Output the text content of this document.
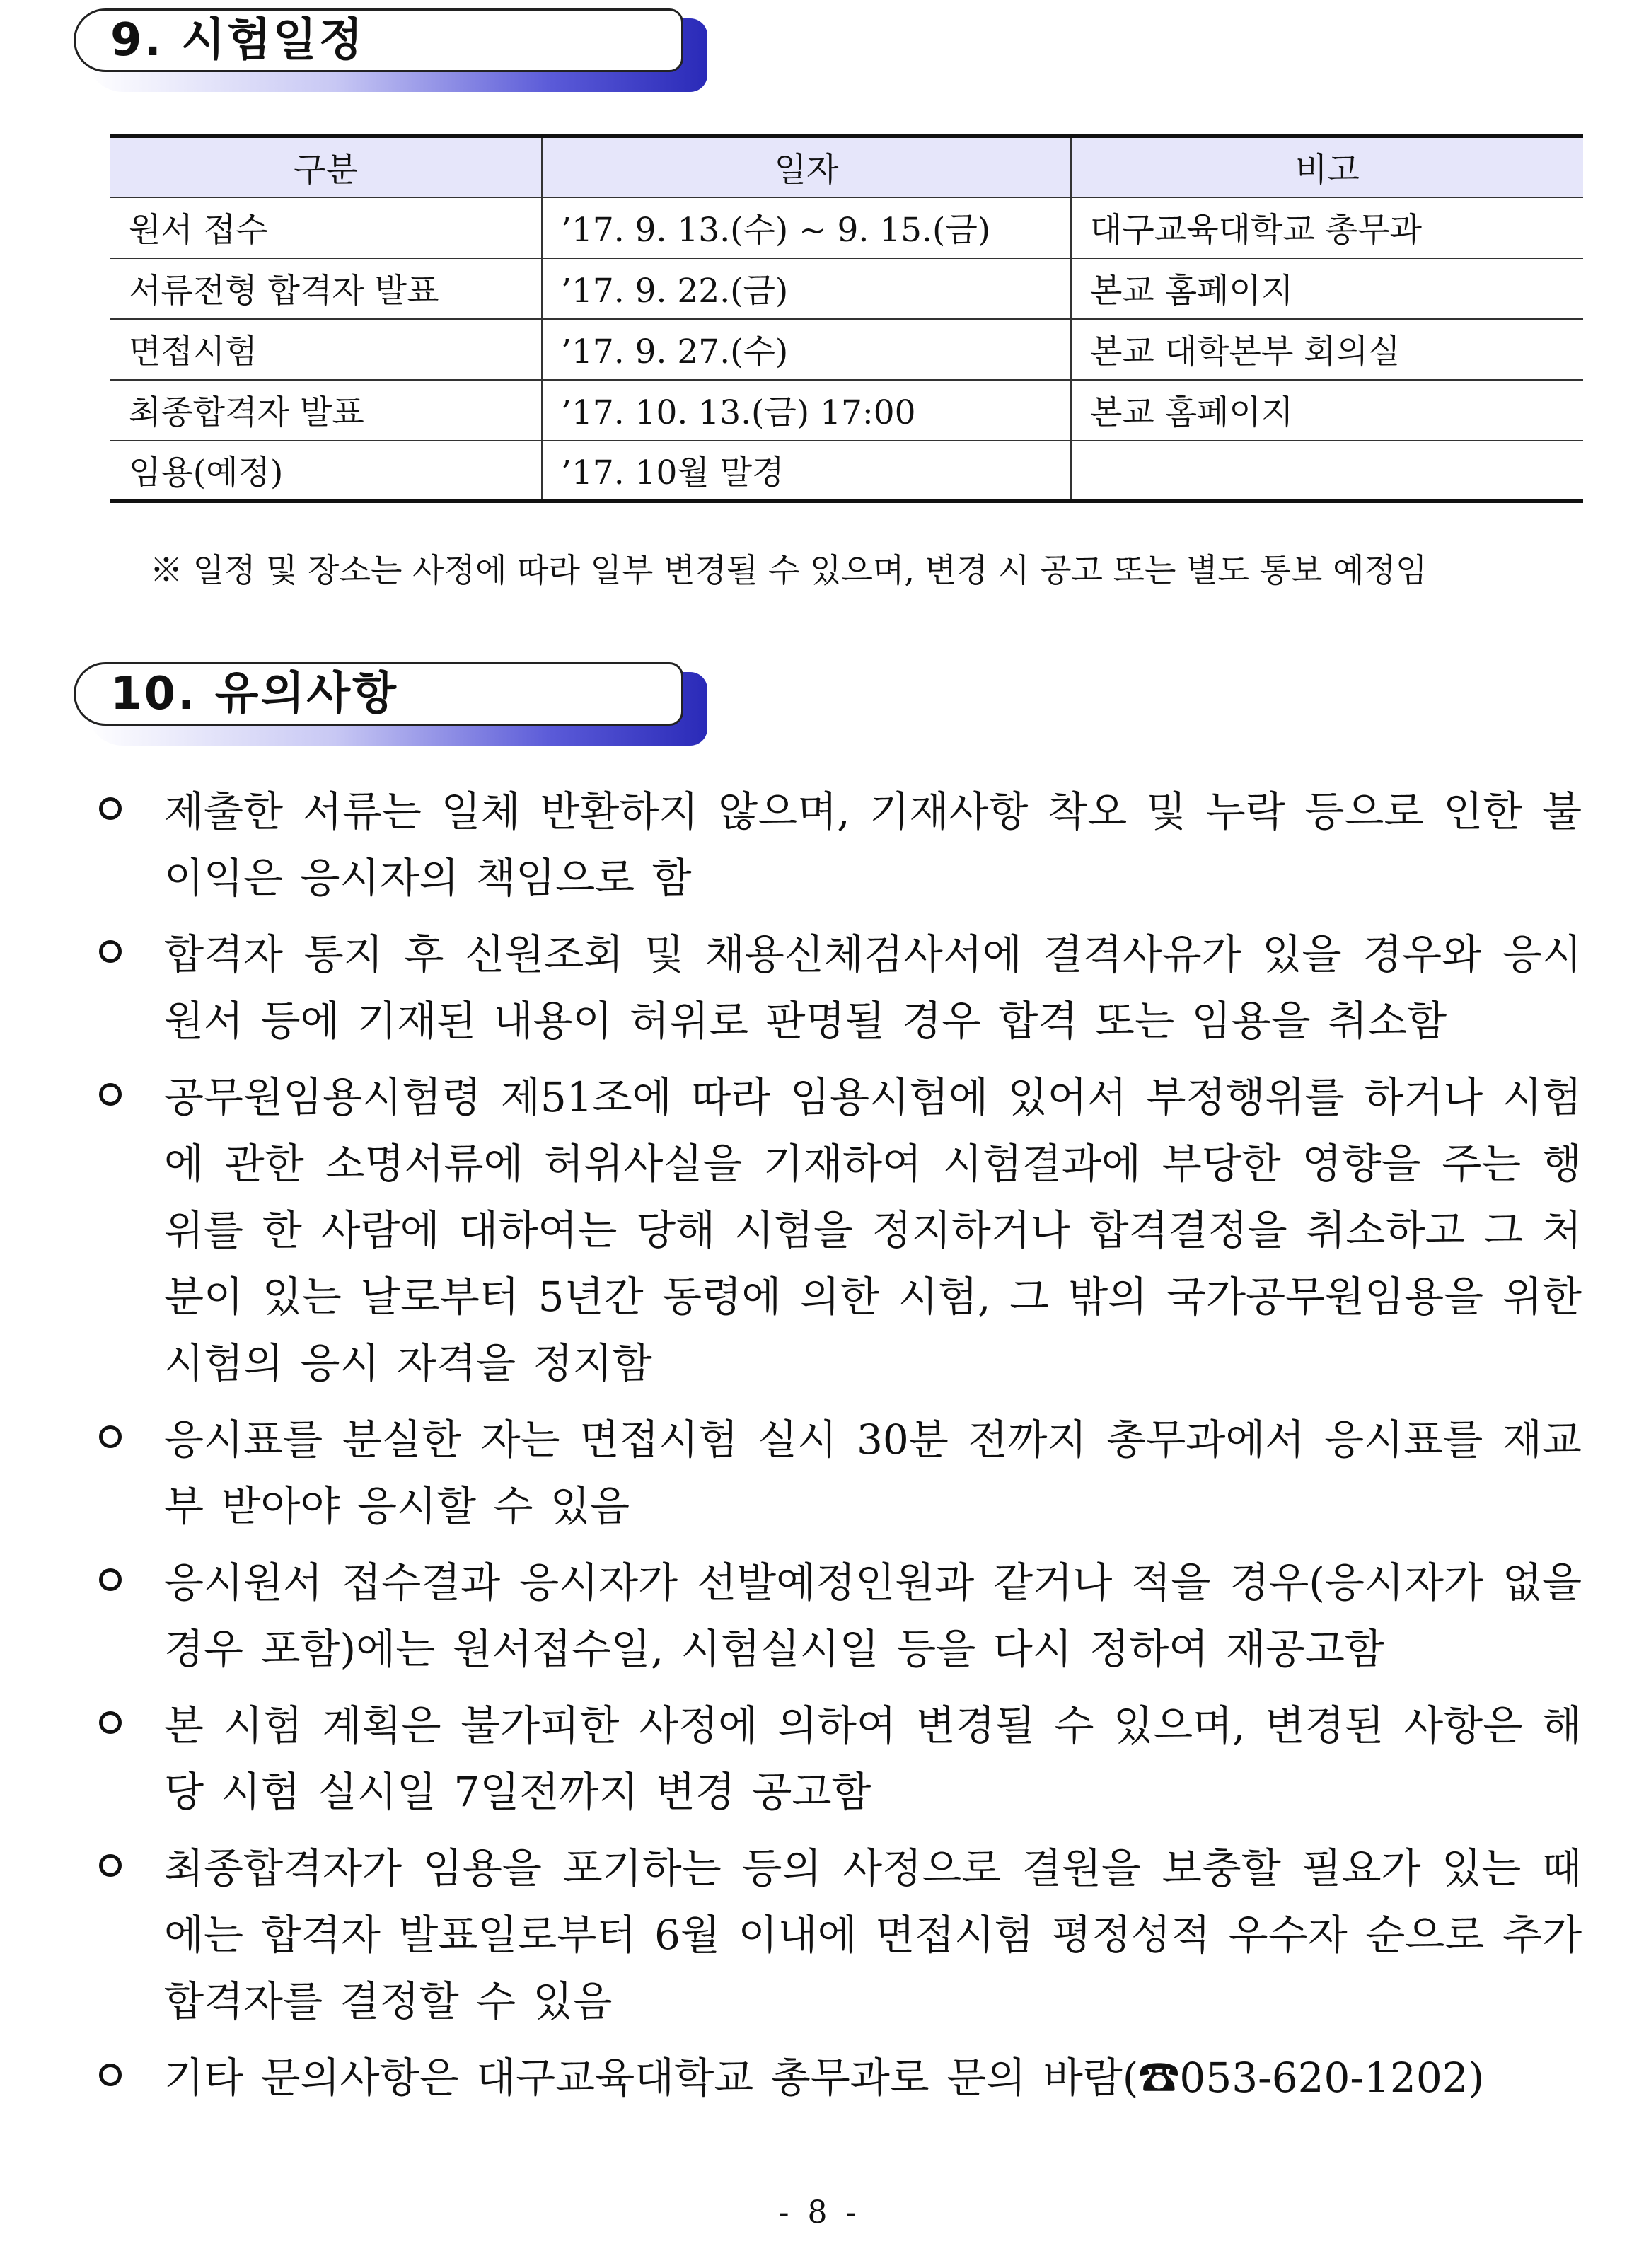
9. 시험일정
구분	일자	비고
원서 접수	’17. 9. 13.(수) ~ 9. 15.(금)	대구교육대학교 총무과
서류전형 합격자 발표	’17. 9. 22.(금)	본교 홈페이지
면접시험	’17. 9. 27.(수)	본교 대학본부 회의실
최종합격자 발표	’17. 10. 13.(금) 17:00	본교 홈페이지
임용(예정)	’17. 10월 말경	
※ 일정 및 장소는 사정에 따라 일부 변경될 수 있으며, 변경 시 공고 또는 별도 통보 예정임
10. 유의사항
제출한 서류는 일체 반환하지 않으며, 기재사항 착오 및 누락 등으로 인한 불이익은 응시자의 책임으로 함
합격자 통지 후 신원조회 및 채용신체검사서에 결격사유가 있을 경우와 응시원서 등에 기재된 내용이 허위로 판명될 경우 합격 또는 임용을 취소함
공무원임용시험령 제51조에 따라 임용시험에 있어서 부정행위를 하거나 시험에 관한 소명서류에 허위사실을 기재하여 시험결과에 부당한 영향을 주는 행위를 한 사람에 대하여는 당해 시험을 정지하거나 합격결정을 취소하고 그 처분이 있는 날로부터 5년간 동령에 의한 시험, 그 밖의 국가공무원임용을 위한 시험의 응시 자격을 정지함
응시표를 분실한 자는 면접시험 실시 30분 전까지 총무과에서 응시표를 재교부 받아야 응시할 수 있음
응시원서 접수결과 응시자가 선발예정인원과 같거나 적을 경우(응시자가 없을 경우 포함)에는 원서접수일, 시험실시일 등을 다시 정하여 재공고함
본 시험 계획은 불가피한 사정에 의하여 변경될 수 있으며, 변경된 사항은 해당 시험 실시일 7일전까지 변경 공고함
최종합격자가 임용을 포기하는 등의 사정으로 결원을 보충할 필요가 있는 때에는 합격자 발표일로부터 6월 이내에 면접시험 평정성적 우수자 순으로 추가 합격자를 결정할 수 있음
기타 문의사항은 대구교육대학교 총무과로 문의 바람(☎053-620-1202)
- 8 -
